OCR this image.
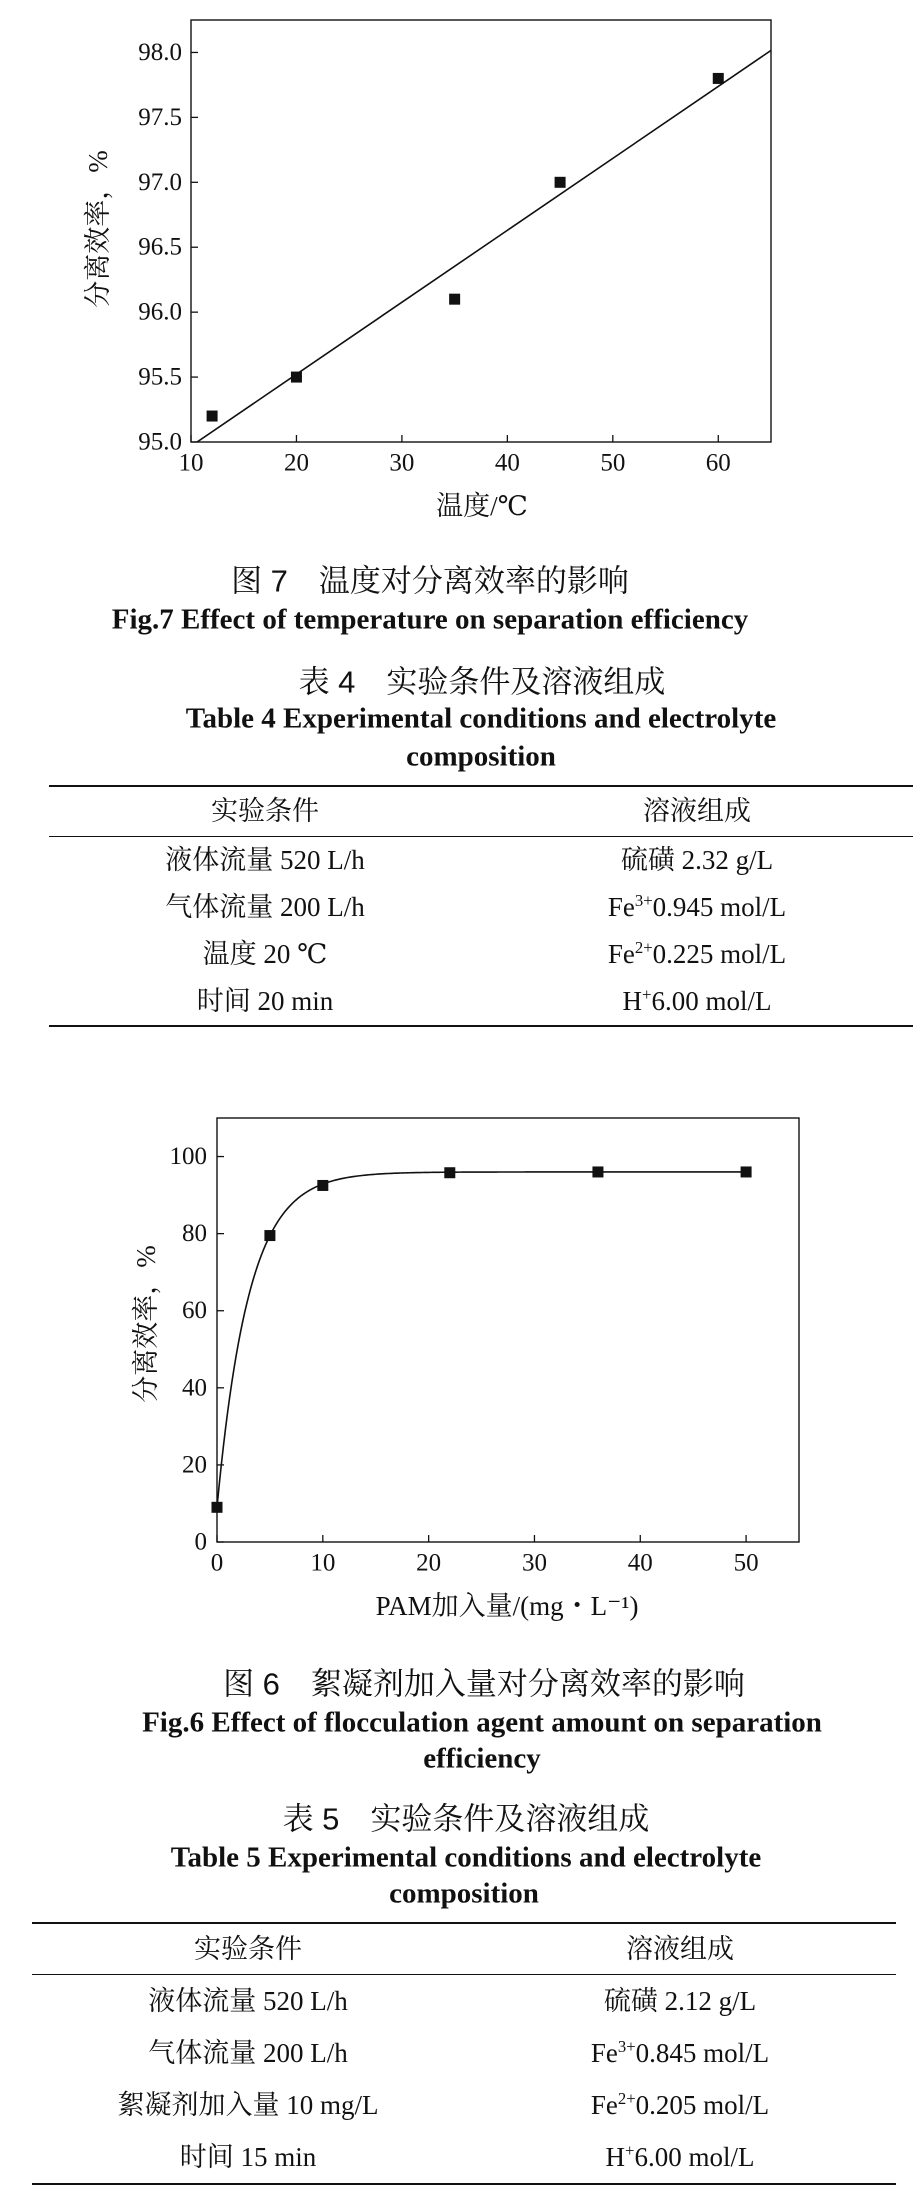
温度/℃
分离效率，%
10	20	30	40	50	60
95.0
95.5
96.0
96.5
97.0
97.5
98.0
图 7　温度对分离效率的影响
Fig.7 Effect of temperature on separation efficiency
表 4　实验条件及溶液组成
Table 4 Experimental conditions and electrolyte
composition
实验条件	溶液组成
液体流量 520 L/h	硫磺 2.32 g/L
气体流量 200 L/h	$Fe^{3+}0.945$ mol/L
温度 20 ℃	$Fe^{2+}0.225$ mol/L
时间 20 min	H+6.00 mol/L
PAM加入量/(mg・L⁻¹)
分离效率，%
0	10	20	30	40	50
0
20
40
60
80
100
图 6　絮凝剂加入量对分离效率的影响
Fig.6 Effect of flocculation agent amount on separation
efficiency
表 5　实验条件及溶液组成
Table 5 Experimental conditions and electrolyte
composition
实验条件	溶液组成
液体流量 520 L/h	硫磺 2.12 g/L
气体流量 200 L/h	$Fe^{3+}0.845$ mol/L
絮凝剂加入量 10 mg/L	$Fe^{2+}0.205$ mol/L
时间 15 min	H+6.00 mol/L
